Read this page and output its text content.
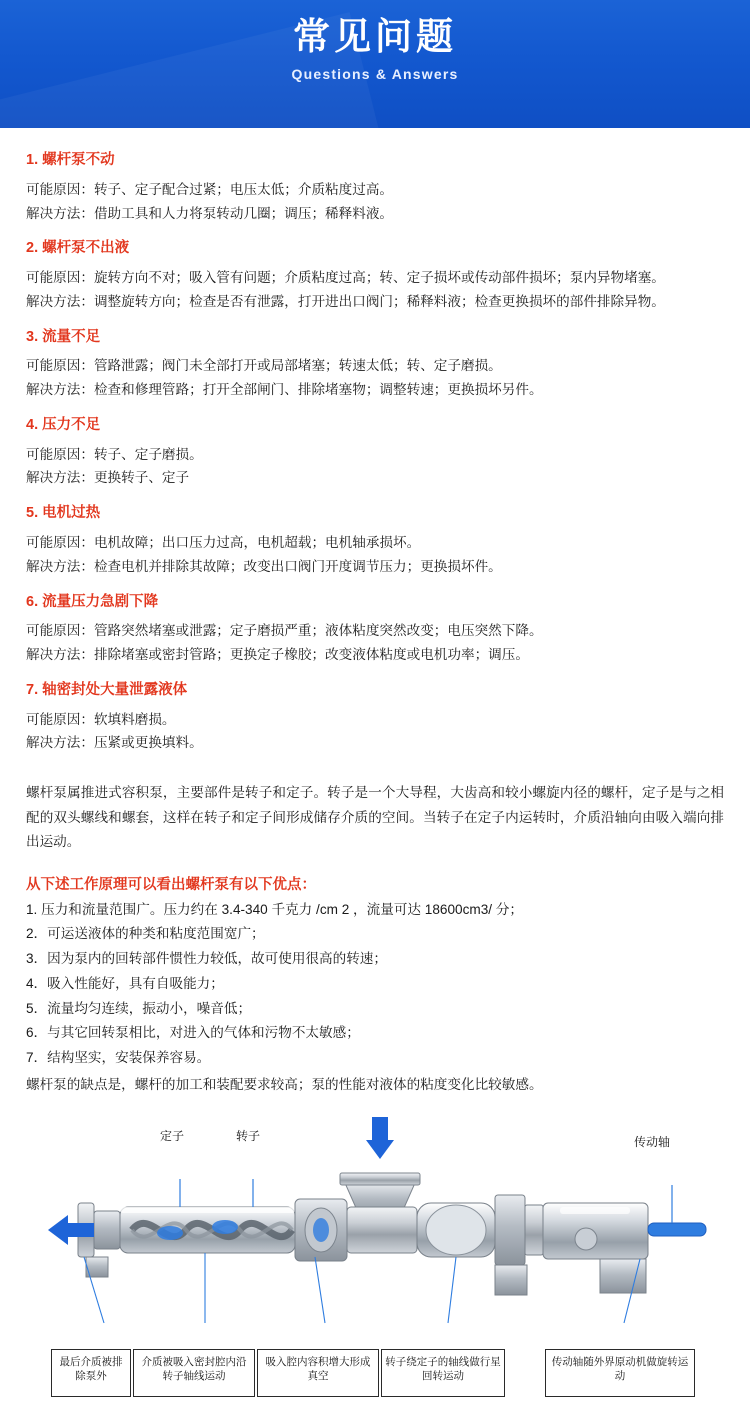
常见问题
Questions & Answers

1. 螺杆泵不动

可能原因：转子、定子配合过紧；电压太低；介质粘度过高。

解决方法：借助工具和人力将泵转动几圈；调压；稀释料液。

2. 螺杆泵不出液

可能原因：旋转方向不对；吸入管有问题；介质粘度过高；转、定子损坏或传动部件损坏；泵内异物堵塞。

解决方法：调整旋转方向；检查是否有泄露，打开进出口阀门；稀释料液；检查更换损坏的部件排除异物。

3. 流量不足

可能原因：管路泄露；阀门未全部打开或局部堵塞；转速太低；转、定子磨损。

解决方法：检查和修理管路；打开全部闸门、排除堵塞物；调整转速；更换损坏另件。

4. 压力不足

可能原因：转子、定子磨损。

解决方法：更换转子、定子

5. 电机过热

可能原因：电机故障；出口压力过高，电机超载；电机轴承损坏。

解决方法：检查电机并排除其故障；改变出口阀门开度调节压力；更换损坏件。

6. 流量压力急剧下降

可能原因：管路突然堵塞或泄露；定子磨损严重；液体粘度突然改变；电压突然下降。

解决方法：排除堵塞或密封管路；更换定子橡胶；改变液体粘度或电机功率；调压。

7. 轴密封处大量泄露液体

可能原因：软填料磨损。

解决方法：压紧或更换填料。

螺杆泵属推进式容积泵，主要部件是转子和定子。转子是一个大导程，大齿高和较小螺旋内径的螺杆，定子是与之相配的双头螺线和螺套，这样在转子和定子间形成储存介质的空间。当转子在定子内运转时，介质沿轴向由吸入端向排出运动。

从下述工作原理可以看出螺杆泵有以下优点：

1. 压力和流量范围广。压力约在 3.4-340 千克力 /cm 2 ，流量可达 18600cm3/ 分；

2．可运送液体的种类和粘度范围宽广；

3．因为泵内的回转部件惯性力较低，故可使用很高的转速；

4．吸入性能好，具有自吸能力；

5．流量均匀连续，振动小，噪音低；

6．与其它回转泵相比，对进入的气体和污物不太敏感；

7．结构坚实，安装保养容易。

螺杆泵的缺点是，螺杆的加工和装配要求较高；泵的性能对液体的粘度变化比较敏感。

定子	转子	传动轴
最后介质被排除泵外
介质被吸入密封腔内沿转子轴线运动
吸入腔内容积增大形成真空
转子绕定子的轴线做行星回转运动
传动轴随外界原动机做旋转运动
